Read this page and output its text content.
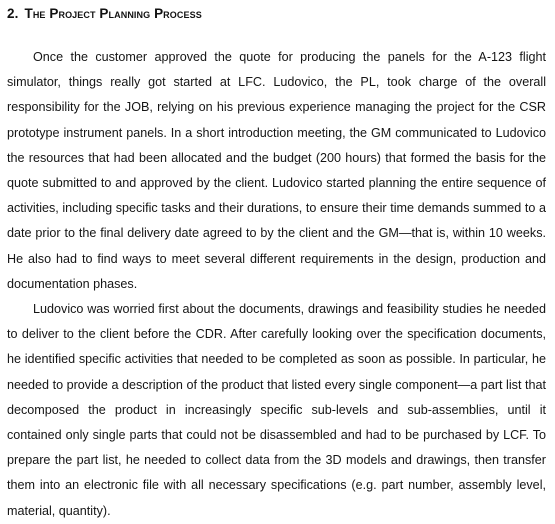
2. The Project Planning Process

Once the customer approved the quote for producing the panels for the A-123 flight simulator, things really got started at LFC. Ludovico, the PL, took charge of the overall responsibility for the JOB, relying on his previous experience managing the project for the CSR prototype instrument panels. In a short introduction meeting, the GM communicated to Ludovico the resources that had been allocated and the budget (200 hours) that formed the basis for the quote submitted to and approved by the client. Ludovico started planning the entire sequence of activities, including specific tasks and their durations, to ensure their time demands summed to a date prior to the final delivery date agreed to by the client and the GM—that is, within 10 weeks. He also had to find ways to meet several different requirements in the design, production and documentation phases.

Ludovico was worried first about the documents, drawings and feasibility studies he needed to deliver to the client before the CDR. After carefully looking over the specification documents, he identified specific activities that needed to be completed as soon as possible. In particular, he needed to provide a description of the product that listed every single component—a part list that decomposed the product in increasingly specific sub-levels and sub-assemblies, until it contained only single parts that could not be disassembled and had to be purchased by LCF. To prepare the part list, he needed to collect data from the 3D models and drawings, then transfer them into an electronic file with all necessary specifications (e.g. part number, assembly level, material, quantity).
